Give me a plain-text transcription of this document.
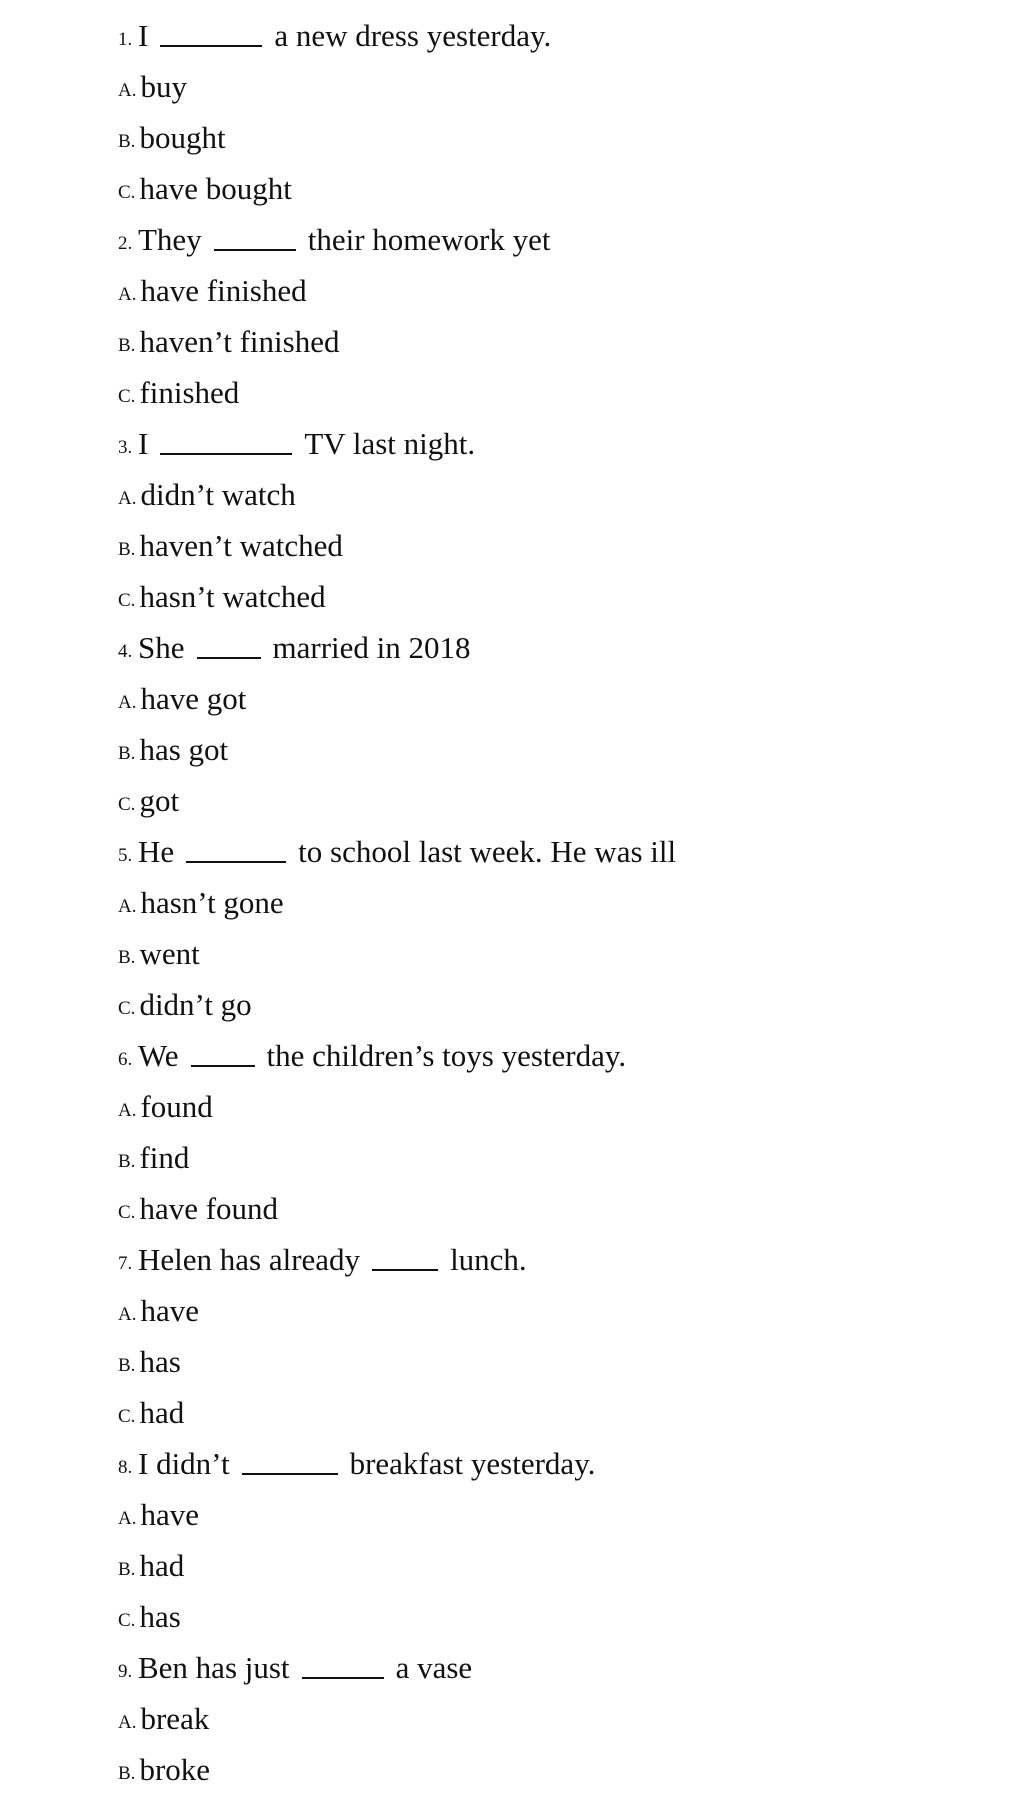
1. I	a new dress yesterday.
A. buy
B. bought
C. have bought
2. They	their homework yet
A. have finished
B. haven’t finished
C. finished
3. I	TV last night.
A. didn’t watch
B. haven’t watched
C. hasn’t watched
4. She	married in 2018
A. have got
B. has got
C. got
5. He	to school last week. He was ill
A. hasn’t gone
B. went
C. didn’t go
6. We	the children’s toys yesterday.
A. found
B. find
C. have found
7. Helen has already	lunch.
A. have
B. has
C. had
8. I didn’t	breakfast yesterday.
A. have
B. had
C. has
9. Ben has just	a vase
A. break
B. broke
